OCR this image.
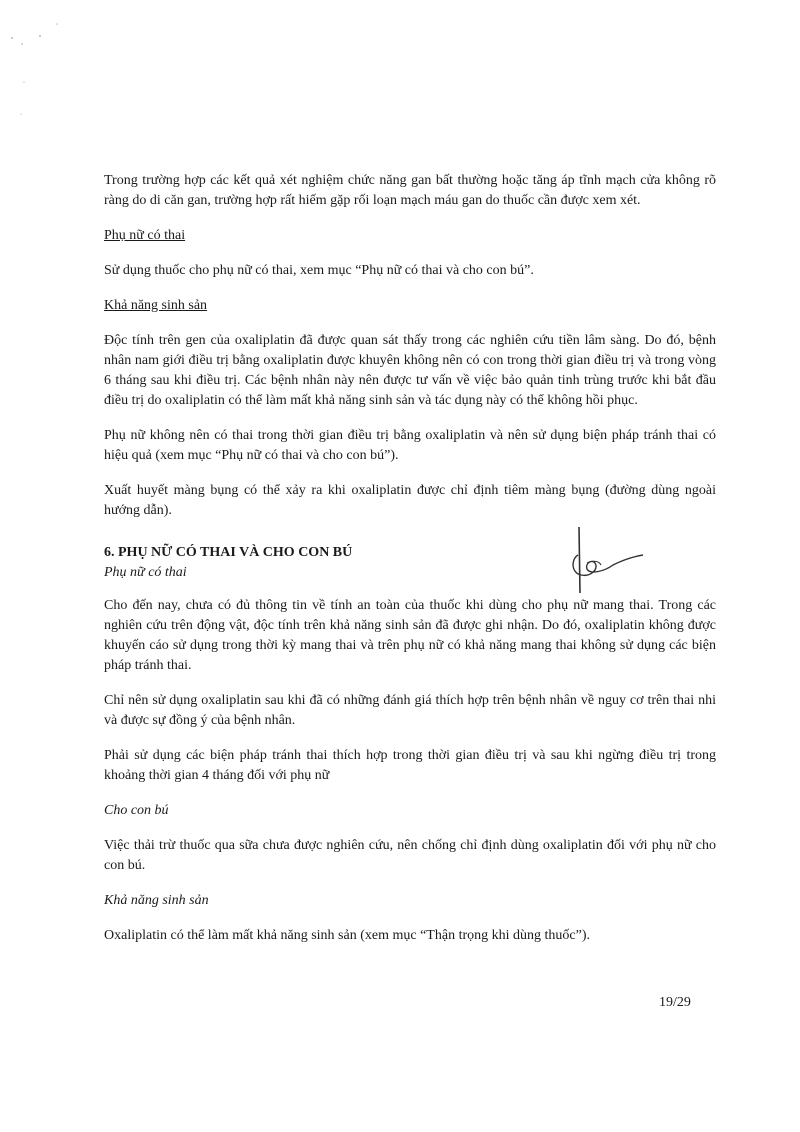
Trong trường hợp các kết quả xét nghiệm chức năng gan bất thường hoặc tăng áp tĩnh mạch cửa không rõ ràng do di căn gan, trường hợp rất hiếm gặp rối loạn mạch máu gan do thuốc cần được xem xét.

Phụ nữ có thai

Sử dụng thuốc cho phụ nữ có thai, xem mục “Phụ nữ có thai và cho con bú”.

Khả năng sinh sản

Độc tính trên gen của oxaliplatin đã được quan sát thấy trong các nghiên cứu tiền lâm sàng. Do đó, bệnh nhân nam giới điều trị bằng oxaliplatin được khuyên không nên có con trong thời gian điều trị và trong vòng 6 tháng sau khi điều trị. Các bệnh nhân này nên được tư vấn về việc bảo quản tinh trùng trước khi bắt đầu điều trị do oxaliplatin có thể làm mất khả năng sinh sản và tác dụng này có thể không hồi phục.

Phụ nữ không nên có thai trong thời gian điều trị bằng oxaliplatin và nên sử dụng biện pháp tránh thai có hiệu quả (xem mục “Phụ nữ có thai và cho con bú”).

Xuất huyết màng bụng có thể xảy ra khi oxaliplatin được chỉ định tiêm màng bụng (đường dùng ngoài hướng dẫn).

6. PHỤ NỮ CÓ THAI VÀ CHO CON BÚ

Phụ nữ có thai

Cho đến nay, chưa có đủ thông tin về tính an toàn của thuốc khi dùng cho phụ nữ mang thai. Trong các nghiên cứu trên động vật, độc tính trên khả năng sinh sản đã được ghi nhận. Do đó, oxaliplatin không được khuyến cáo sử dụng trong thời kỳ mang thai và trên phụ nữ có khả năng mang thai không sử dụng các biện pháp tránh thai.

Chỉ nên sử dụng oxaliplatin sau khi đã có những đánh giá thích hợp trên bệnh nhân về nguy cơ trên thai nhi và được sự đồng ý của bệnh nhân.

Phải sử dụng các biện pháp tránh thai thích hợp trong thời gian điều trị và sau khi ngừng điều trị trong khoảng thời gian 4 tháng đối với phụ nữ

Cho con bú

Việc thải trừ thuốc qua sữa chưa được nghiên cứu, nên chống chỉ định dùng oxaliplatin đối với phụ nữ cho con bú.

Khả năng sinh sản

Oxaliplatin có thể làm mất khả năng sinh sản (xem mục “Thận trọng khi dùng thuốc”).

19/29
